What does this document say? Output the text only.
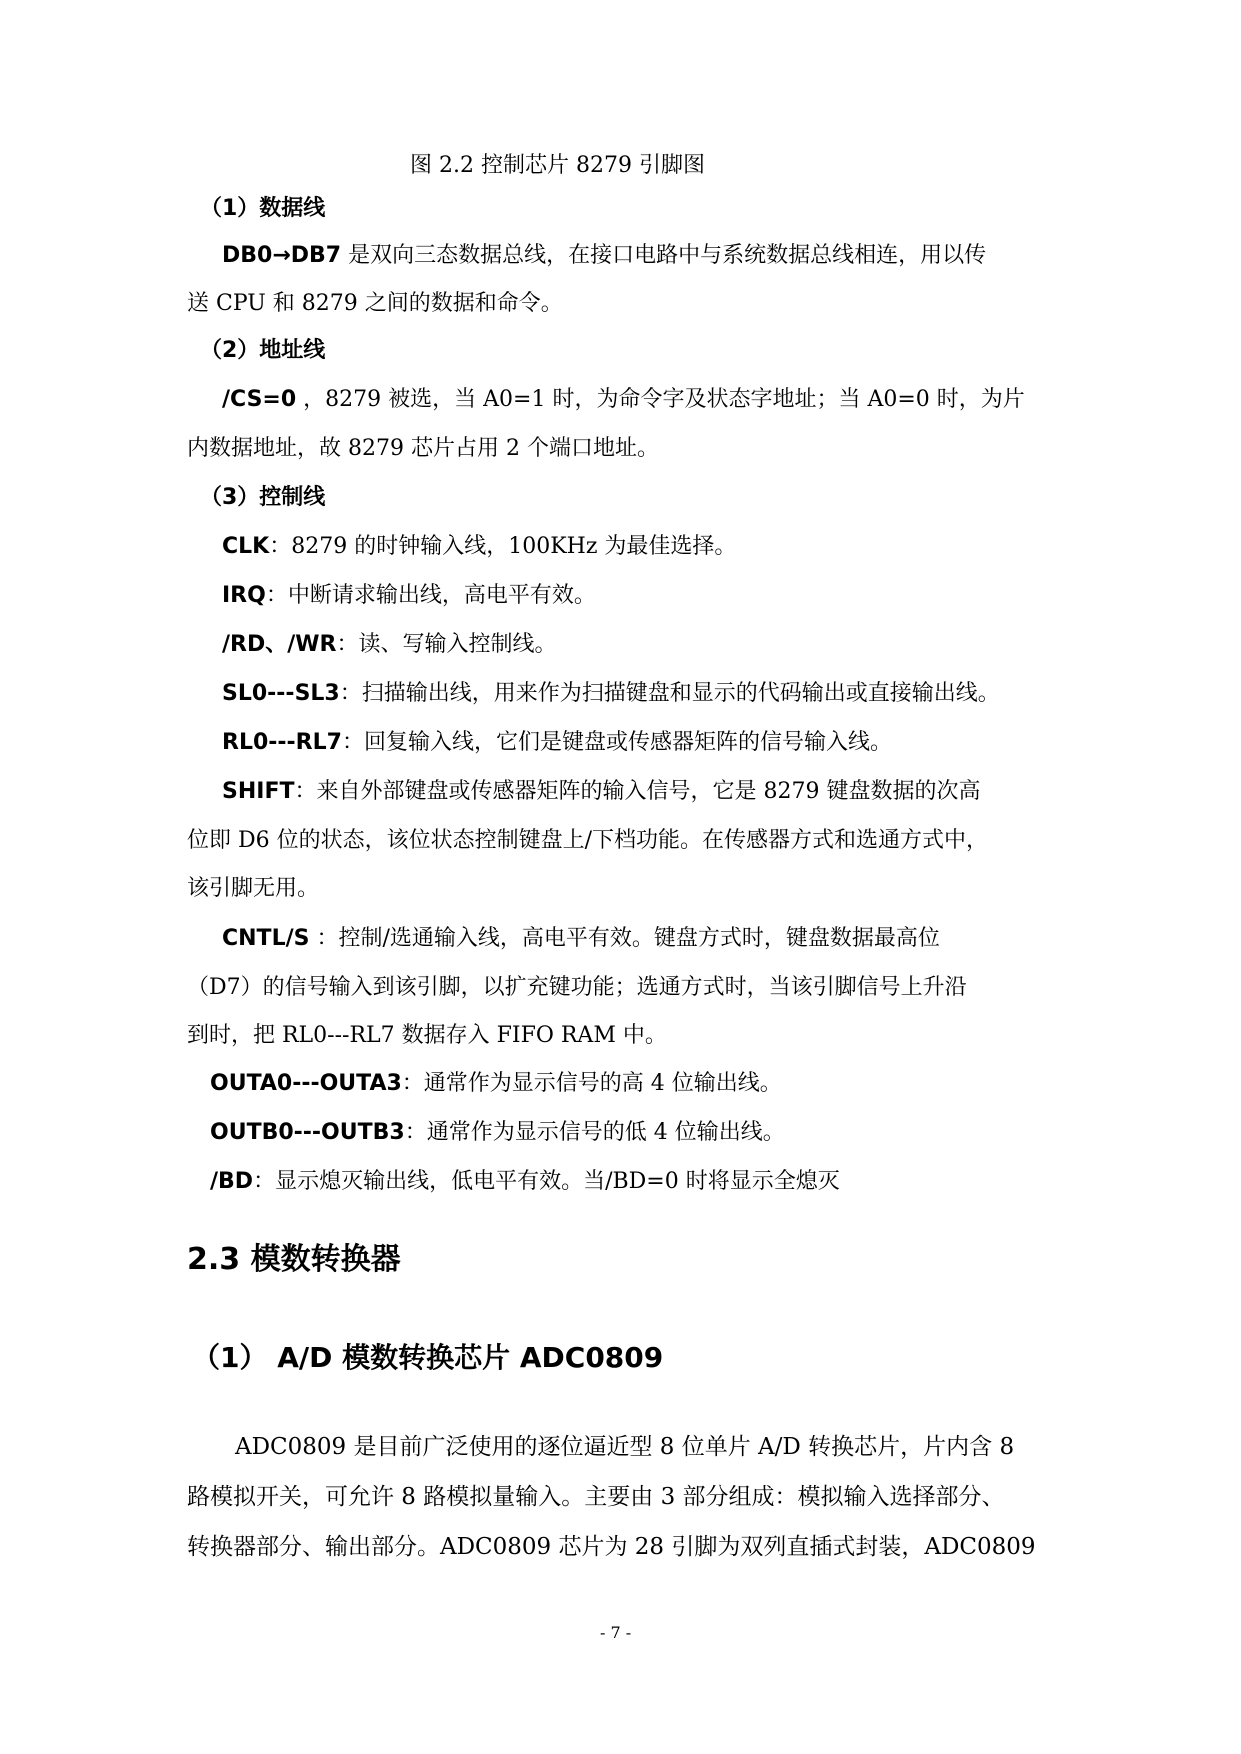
图 2.2 控制芯片 8279 引脚图
（1）数据线
DB0→DB7 是双向三态数据总线，在接口电路中与系统数据总线相连，用以传
送 CPU 和 8279 之间的数据和命令。
（2）地址线
/CS=0 ，8279 被选，当 A0=1 时，为命令字及状态字地址；当 A0=0 时，为片
内数据地址，故 8279 芯片占用 2 个端口地址。
（3）控制线
CLK：8279 的时钟输入线，100KHz 为最佳选择。
IRQ：中断请求输出线，高电平有效。
/RD、/WR：读、写输入控制线。
SL0---SL3：扫描输出线，用来作为扫描键盘和显示的代码输出或直接输出线。
RL0---RL7：回复输入线，它们是键盘或传感器矩阵的信号输入线。
SHIFT：来自外部键盘或传感器矩阵的输入信号，它是 8279 键盘数据的次高
位即 D6 位的状态，该位状态控制键盘上/下档功能。在传感器方式和选通方式中，
该引脚无用。
CNTL/S ：控制/选通输入线，高电平有效。键盘方式时，键盘数据最高位
（D7）的信号输入到该引脚，以扩充键功能；选通方式时，当该引脚信号上升沿
到时，把 RL0---RL7 数据存入 FIFO RAM 中。
OUTA0---OUTA3：通常作为显示信号的高 4 位输出线。
OUTB0---OUTB3：通常作为显示信号的低 4 位输出线。
/BD：显示熄灭输出线，低电平有效。当/BD=0 时将显示全熄灭
2.3 模数转换器
（1） A/D 模数转换芯片 ADC0809
ADC0809 是目前广泛使用的逐位逼近型 8 位单片 A/D 转换芯片，片内含 8
路模拟开关，可允许 8 路模拟量输入。主要由 3 部分组成：模拟输入选择部分、
转换器部分、输出部分。ADC0809 芯片为 28 引脚为双列直插式封装，ADC0809
- 7 -
